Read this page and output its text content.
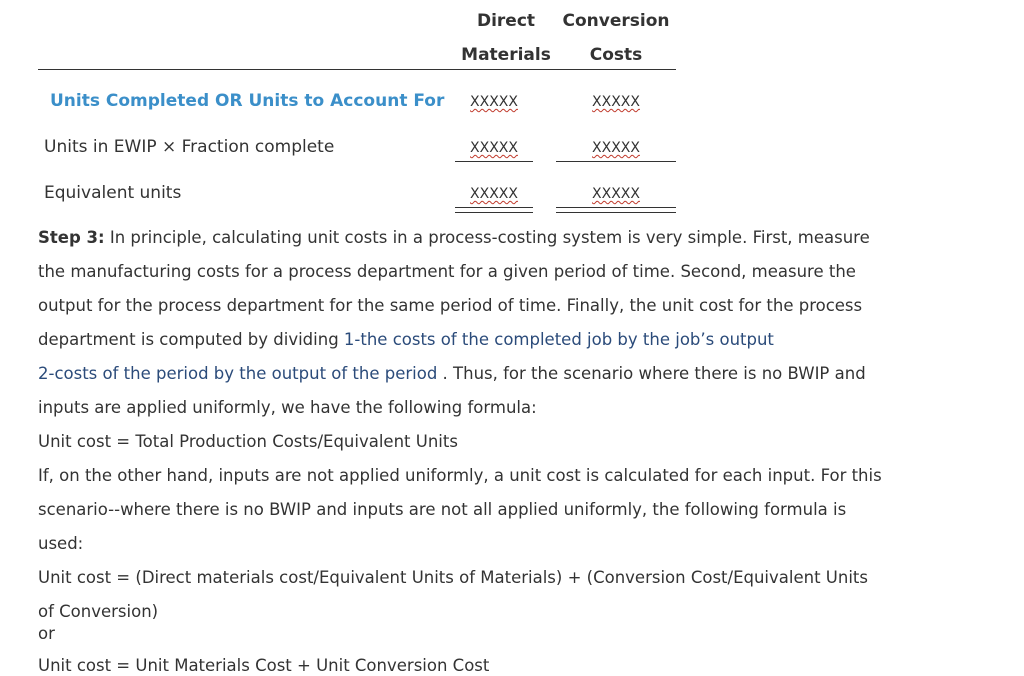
Direct	Conversion
Materials	Costs
Units Completed OR Units to Account For	XXXXX	XXXXX
Units in EWIP × Fraction complete	XXXXX	XXXXX
Equivalent units	XXXXX	XXXXX
Step 3: In principle, calculating unit costs in a process-costing system is very simple. First, measure
the manufacturing costs for a process department for a given period of time. Second, measure the
output for the process department for the same period of time. Finally, the unit cost for the process
department is computed by dividing 1-the costs of the completed job by the job’s output
2-costs of the period by the output of the period . Thus, for the scenario where there is no BWIP and
inputs are applied uniformly, we have the following formula:
Unit cost = Total Production Costs/Equivalent Units
If, on the other hand, inputs are not applied uniformly, a unit cost is calculated for each input. For this
scenario--where there is no BWIP and inputs are not all applied uniformly, the following formula is
used:
Unit cost = (Direct materials cost/Equivalent Units of Materials) + (Conversion Cost/Equivalent Units
of Conversion)
or
Unit cost = Unit Materials Cost + Unit Conversion Cost
